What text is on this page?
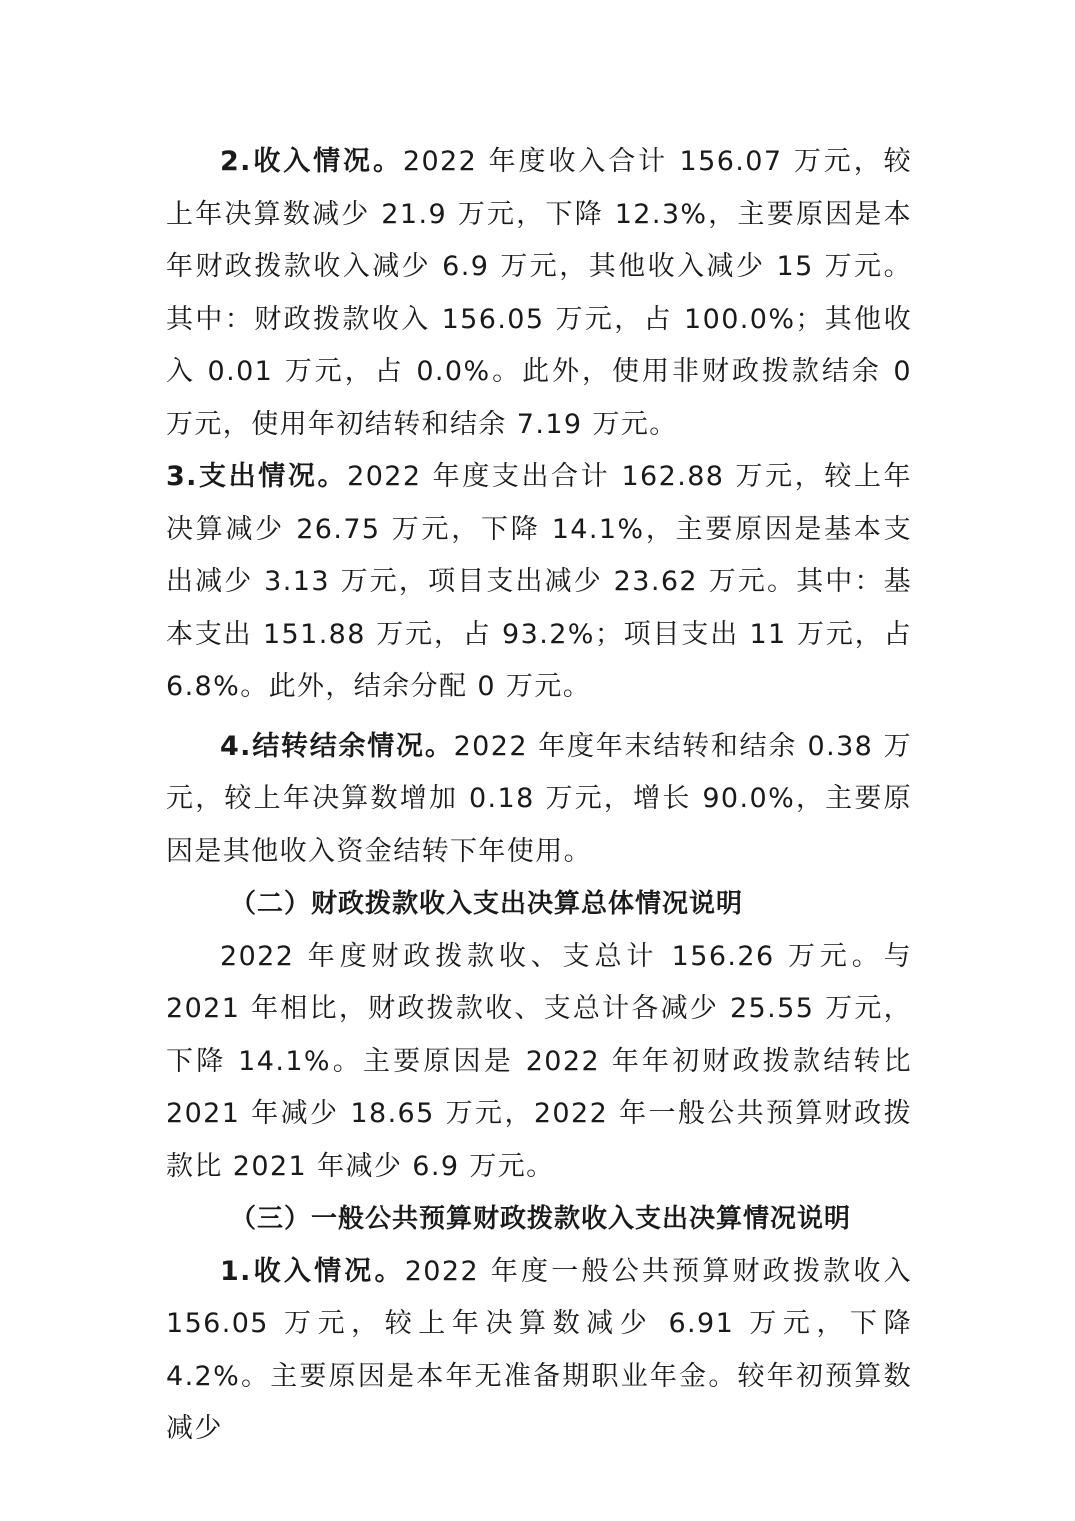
2.收入情况。2022 年度收入合计 156.07 万元，较上年决算数减少 21.9 万元，下降 12.3%，主要原因是本年财政拨款收入减少 6.9 万元，其他收入减少 15 万元。其中：财政拨款收入 156.05 万元，占 100.0%；其他收入 0.01 万元，占 0.0%。此外，使用非财政拨款结余 0 万元，使用年初结转和结余 7.19 万元。

3.支出情况。2022 年度支出合计 162.88 万元，较上年决算减少 26.75 万元，下降 14.1%，主要原因是基本支出减少 3.13 万元，项目支出减少 23.62 万元。其中：基本支出 151.88 万元，占 93.2%；项目支出 11 万元，占 6.8%。此外，结余分配 0 万元。

4.结转结余情况。2022 年度年末结转和结余 0.38 万元，较上年决算数增加 0.18 万元，增长 90.0%，主要原因是其他收入资金结转下年使用。

（二）财政拨款收入支出决算总体情况说明

2022 年度财政拨款收、支总计 156.26 万元。与 2021 年相比，财政拨款收、支总计各减少 25.55 万元，下降 14.1%。主要原因是 2022 年年初财政拨款结转比 2021 年减少 18.65 万元，2022 年一般公共预算财政拨款比 2021 年减少 6.9 万元。

（三）一般公共预算财政拨款收入支出决算情况说明

1.收入情况。2022 年度一般公共预算财政拨款收入 156.05 万元，较上年决算数减少 6.91 万元，下降 4.2%。主要原因是本年无准备期职业年金。较年初预算数减少
